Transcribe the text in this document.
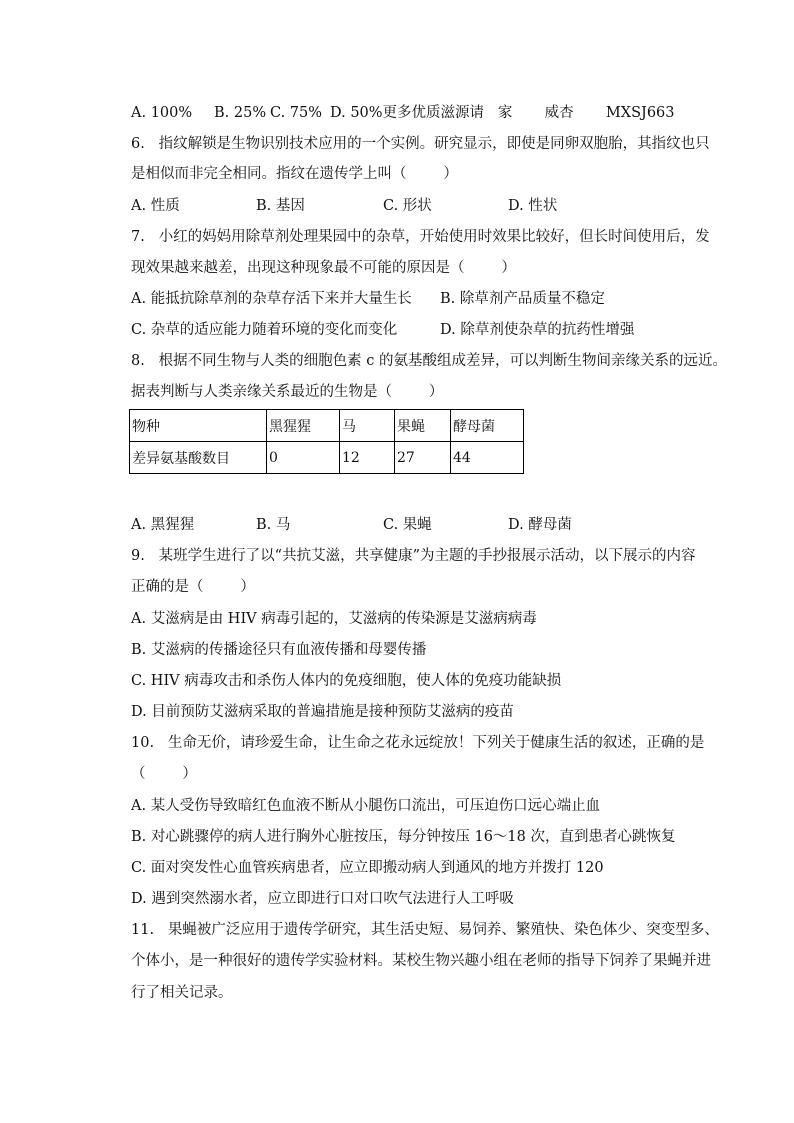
A. 100% B. 25% C. 75% D. 50%更多优质滋源请   家       威杏       MXSJ663
6.   指纹解锁是生物识别技术应用的一个实例。研究显示，即使是同卵双胞胎，其指纹也只
是相似而非完全相同。指纹在遗传学上叫（        ）
A. 性质	B. 基因	C. 形状	D. 性状
7.   小红的妈妈用除草剂处理果园中的杂草，开始使用时效果比较好，但长时间使用后，发
现效果越来越差，出现这种现象最不可能的原因是（        ）
A. 能抵抗除草剂的杂草存活下来并大量生长 B. 除草剂产品质量不稳定
C. 杂草的适应能力随着环境的变化而变化	D. 除草剂使杂草的抗药性增强
8.   根据不同生物与人类的细胞色素 c 的氨基酸组成差异，可以判断生物间亲缘关系的远近。
据表判断与人类亲缘关系最近的生物是（        ）
物种	黑猩猩	马	果蝇	酵母菌
差异氨基酸数目	0	12	27	44
A. 黑猩猩	B. 马	C. 果蝇	D. 酵母菌
9.   某班学生进行了以“共抗艾滋，共享健康”为主题的手抄报展示活动，以下展示的内容
正确的是（        ）
A. 艾滋病是由 HIV 病毒引起的，艾滋病的传染源是艾滋病病毒
B. 艾滋病的传播途径只有血液传播和母婴传播
C. HIV 病毒攻击和杀伤人体内的免疫细胞，使人体的免疫功能缺损
D. 目前预防艾滋病采取的普遍措施是接种预防艾滋病的疫苗
10.   生命无价，请珍爱生命，让生命之花永远绽放！下列关于健康生活的叙述，正确的是
（        ）
A. 某人受伤导致暗红色血液不断从小腿伤口流出，可压迫伤口远心端止血
B. 对心跳骤停的病人进行胸外心脏按压，每分钟按压 16～18 次，直到患者心跳恢复
C. 面对突发性心血管疾病患者，应立即搬动病人到通风的地方并拨打 120
D. 遇到突然溺水者，应立即进行口对口吹气法进行人工呼吸
11.   果蝇被广泛应用于遗传学研究，其生活史短、易饲养、繁殖快、染色体少、突变型多、
个体小，是一种很好的遗传学实验材料。某校生物兴趣小组在老师的指导下饲养了果蝇并进
行了相关记录。
